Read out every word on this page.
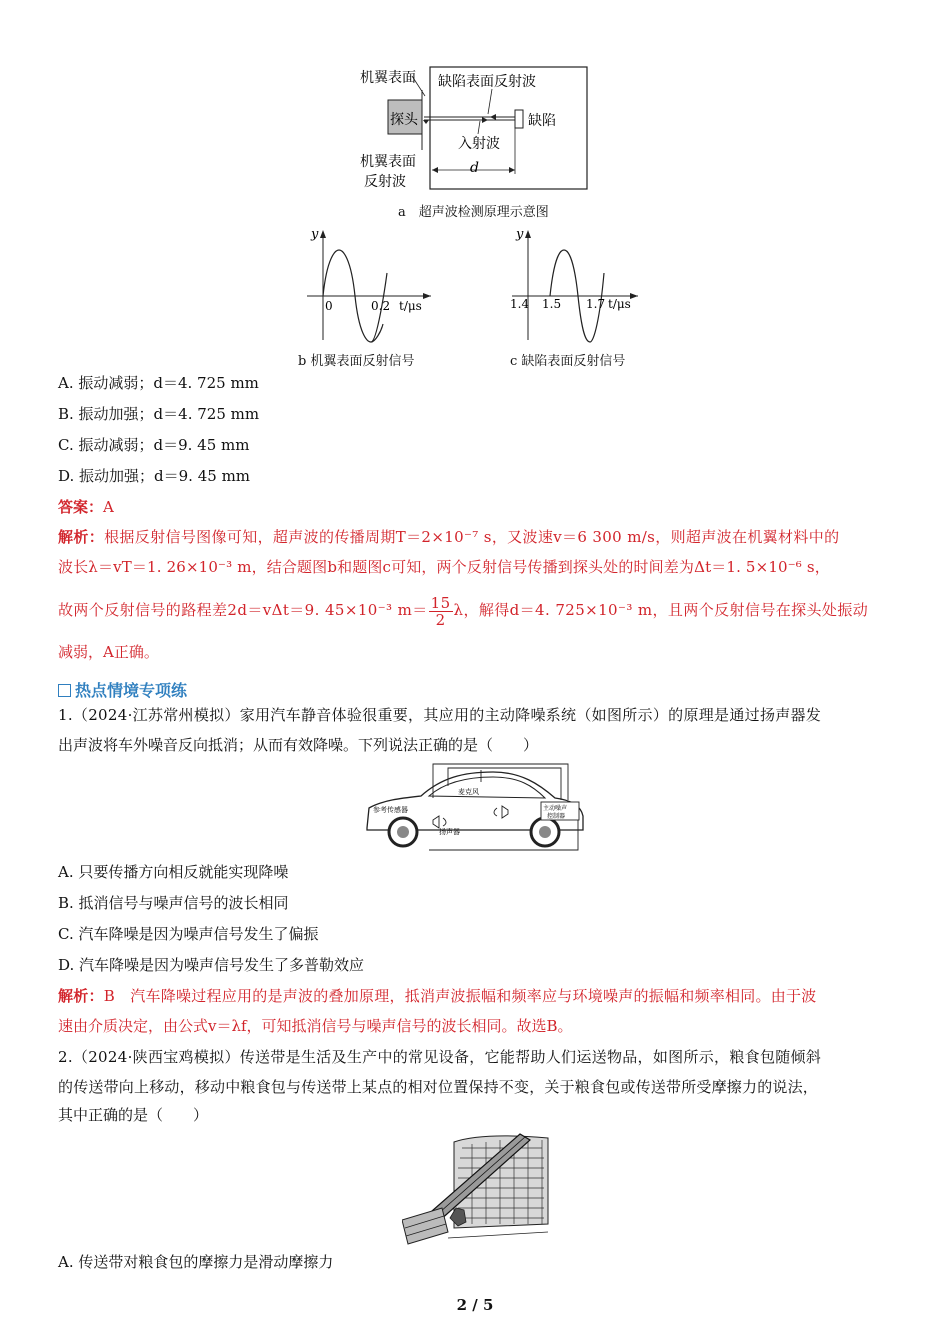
机翼表面 缺陷表面反射波
探头	缺陷
入射波
d
机翼表面
反射波
a　超声波检测原理示意图
y
0	0.2 t/μs
b 机翼表面反射信号
y
1.4 1.5 1.7 t/μs
c 缺陷表面反射信号
A. 振动减弱；d＝4. 725 mm
B. 振动加强；d＝4. 725 mm
C. 振动减弱；d＝9. 45 mm
D. 振动加强；d＝9. 45 mm
答案：A
解析：根据反射信号图像可知，超声波的传播周期T＝2×10⁻⁷ s，又波速v＝6 300 m/s，则超声波在机翼材料中的
波长λ＝vT＝1. 26×10⁻³ m，结合题图b和题图c可知，两个反射信号传播到探头处的时间差为Δt＝1. 5×10⁻⁶ s，
故两个反射信号的路程差2d＝vΔt＝9. 45×10⁻³ $m= \frac{15}{2}$ λ，解得d＝4. 725×10⁻³ m，且两个反射信号在探头处振动
减弱，A正确。
热点情境专项练
1.（2024·江苏常州模拟）家用汽车静音体验很重要，其应用的主动降噪系统（如图所示）的原理是通过扬声器发
出声波将车外噪音反向抵消；从而有效降噪。下列说法正确的是（　　）
主动噪声
控制器
麦克风
参考传感器
扬声器
A. 只要传播方向相反就能实现降噪
B. 抵消信号与噪声信号的波长相同
C. 汽车降噪是因为噪声信号发生了偏振
D. 汽车降噪是因为噪声信号发生了多普勒效应
解析：B　汽车降噪过程应用的是声波的叠加原理，抵消声波振幅和频率应与环境噪声的振幅和频率相同。由于波
速由介质决定，由公式v＝λf，可知抵消信号与噪声信号的波长相同。故选B。
2.（2024·陕西宝鸡模拟）传送带是生活及生产中的常见设备，它能帮助人们运送物品，如图所示，粮食包随倾斜
的传送带向上移动，移动中粮食包与传送带上某点的相对位置保持不变，关于粮食包或传送带所受摩擦力的说法，
其中正确的是（　　）
A. 传送带对粮食包的摩擦力是滑动摩擦力
2 / 5
